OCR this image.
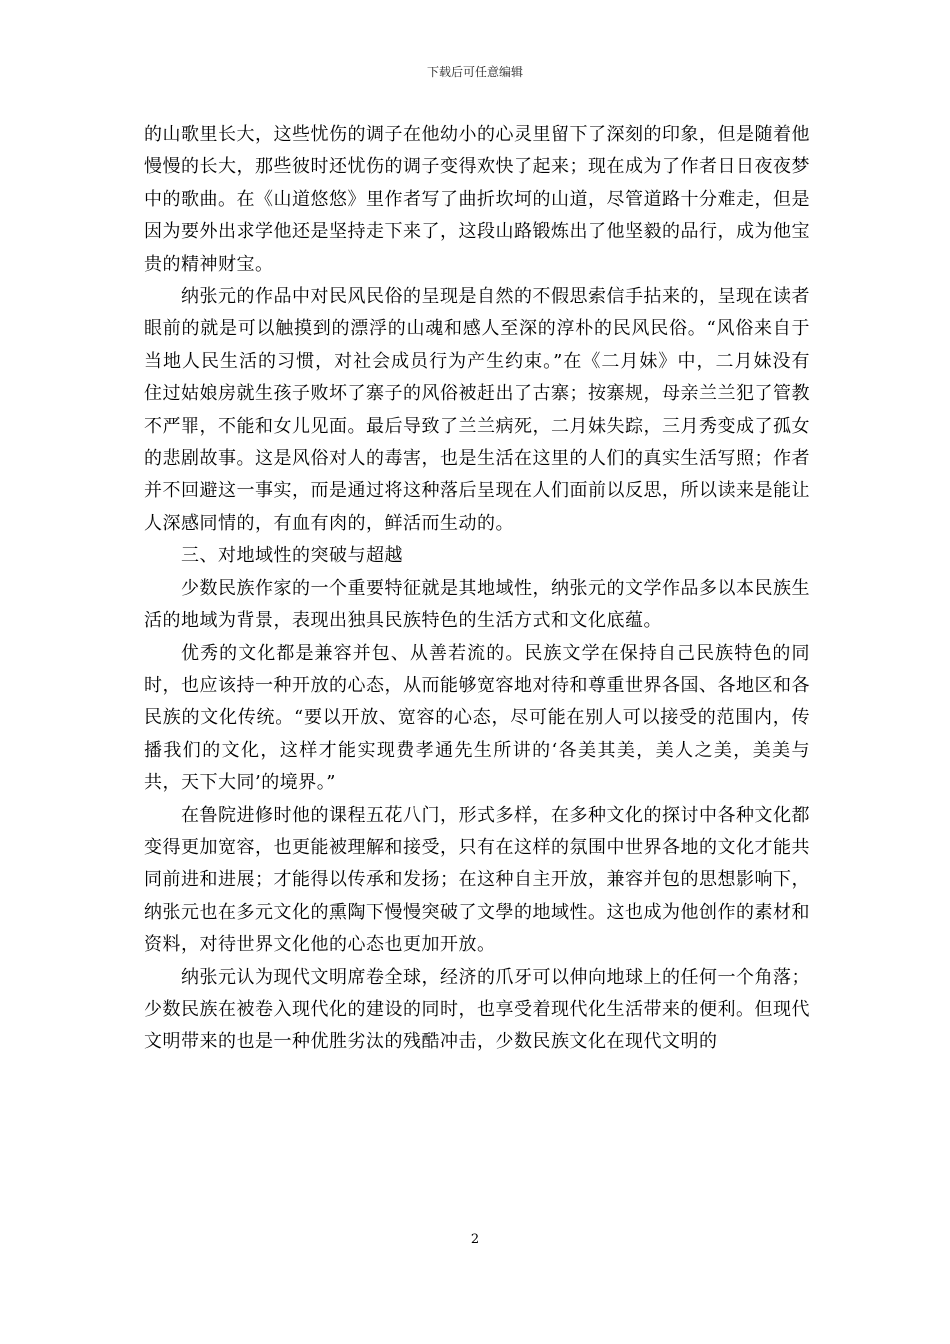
下载后可任意编辑

的山歌里长大，这些忧伤的调子在他幼小的心灵里留下了深刻的印象，但是随着他慢慢的长大，那些彼时还忧伤的调子变得欢快了起来；现在成为了作者日日夜夜梦中的歌曲。在《山道悠悠》里作者写了曲折坎坷的山道，尽管道路十分难走，但是因为要外出求学他还是坚持走下来了，这段山路锻炼出了他坚毅的品行，成为他宝贵的精神财宝。

纳张元的作品中对民风民俗的呈现是自然的不假思索信手拈来的，呈现在读者眼前的就是可以触摸到的漂浮的山魂和感人至深的淳朴的民风民俗。“风俗来自于当地人民生活的习惯，对社会成员行为产生约束。”在《二月妹》中，二月妹没有住过姑娘房就生孩子败坏了寨子的风俗被赶出了古寨；按寨规，母亲兰兰犯了管教不严罪，不能和女儿见面。最后导致了兰兰病死，二月妹失踪，三月秀变成了孤女的悲剧故事。这是风俗对人的毒害，也是生活在这里的人们的真实生活写照；作者并不回避这一事实，而是通过将这种落后呈现在人们面前以反思，所以读来是能让人深感同情的，有血有肉的，鲜活而生动的。

三、对地域性的突破与超越

少数民族作家的一个重要特征就是其地域性，纳张元的文学作品多以本民族生活的地域为背景，表现出独具民族特色的生活方式和文化底蕴。

优秀的文化都是兼容并包、从善若流的。民族文学在保持自己民族特色的同时，也应该持一种开放的心态，从而能够宽容地对待和尊重世界各国、各地区和各民族的文化传统。“要以开放、宽容的心态，尽可能在别人可以接受的范围内，传播我们的文化，这样才能实现费孝通先生所讲的‘各美其美，美人之美，美美与共，天下大同’的境界。”

在鲁院进修时他的课程五花八门，形式多样，在多种文化的探讨中各种文化都变得更加宽容，也更能被理解和接受，只有在这样的氛围中世界各地的文化才能共同前进和进展；才能得以传承和发扬；在这种自主开放，兼容并包的思想影响下，纳张元也在多元文化的熏陶下慢慢突破了文學的地域性。这也成为他创作的素材和资料，对待世界文化他的心态也更加开放。

纳张元认为现代文明席卷全球，经济的爪牙可以伸向地球上的任何一个角落；少数民族在被卷入现代化的建设的同时，也享受着现代化生活带来的便利。但现代文明带来的也是一种优胜劣汰的残酷冲击，少数民族文化在现代文明的

2
